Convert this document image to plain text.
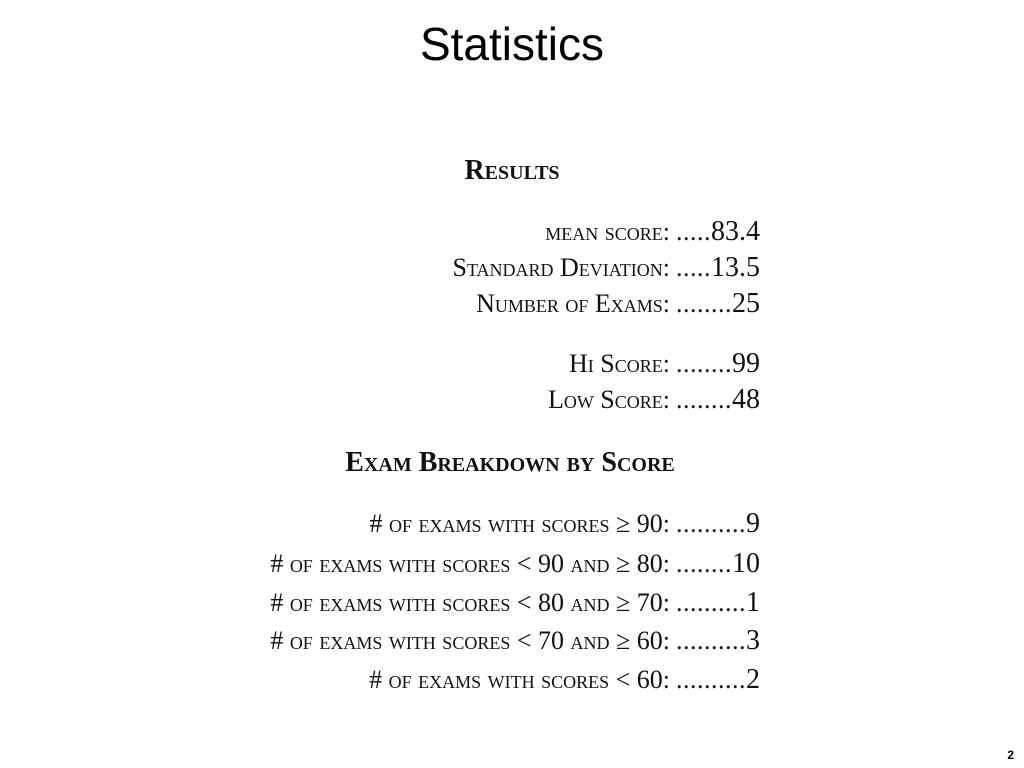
Statistics
Results
mean score: .....83.4
Standard Deviation: .....13.5
Number of Exams: ........25
Hi Score: ........99
Low Score: ........48
Exam Breakdown by Score
# of exams with scores ≥ 90: ..........9
# of exams with scores < 90 and ≥ 80: ........10
# of exams with scores < 80 and ≥ 70: ..........1
# of exams with scores < 70 and ≥ 60: ..........3
# of exams with scores < 60: ..........2
2
